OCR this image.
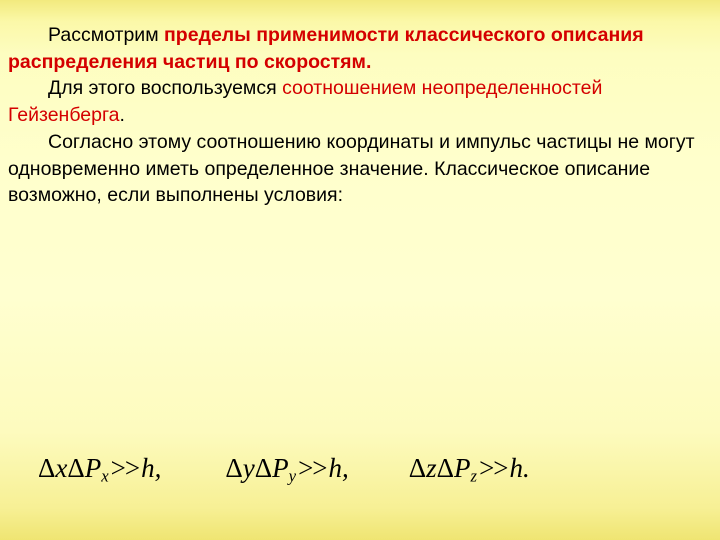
Рассмотрим пределы применимости классического описания распределения частиц по скоростям.

Для этого воспользуемся соотношением неопределенностей Гейзенберга.

Согласно этому соотношению координаты и импульс частицы не могут одновременно иметь определенное значение. Классическое описание возможно, если выполнены условия:

ΔxΔP$_x$>>h, ΔyΔP$_y$>>h, ΔzΔP$_z$>>h.
